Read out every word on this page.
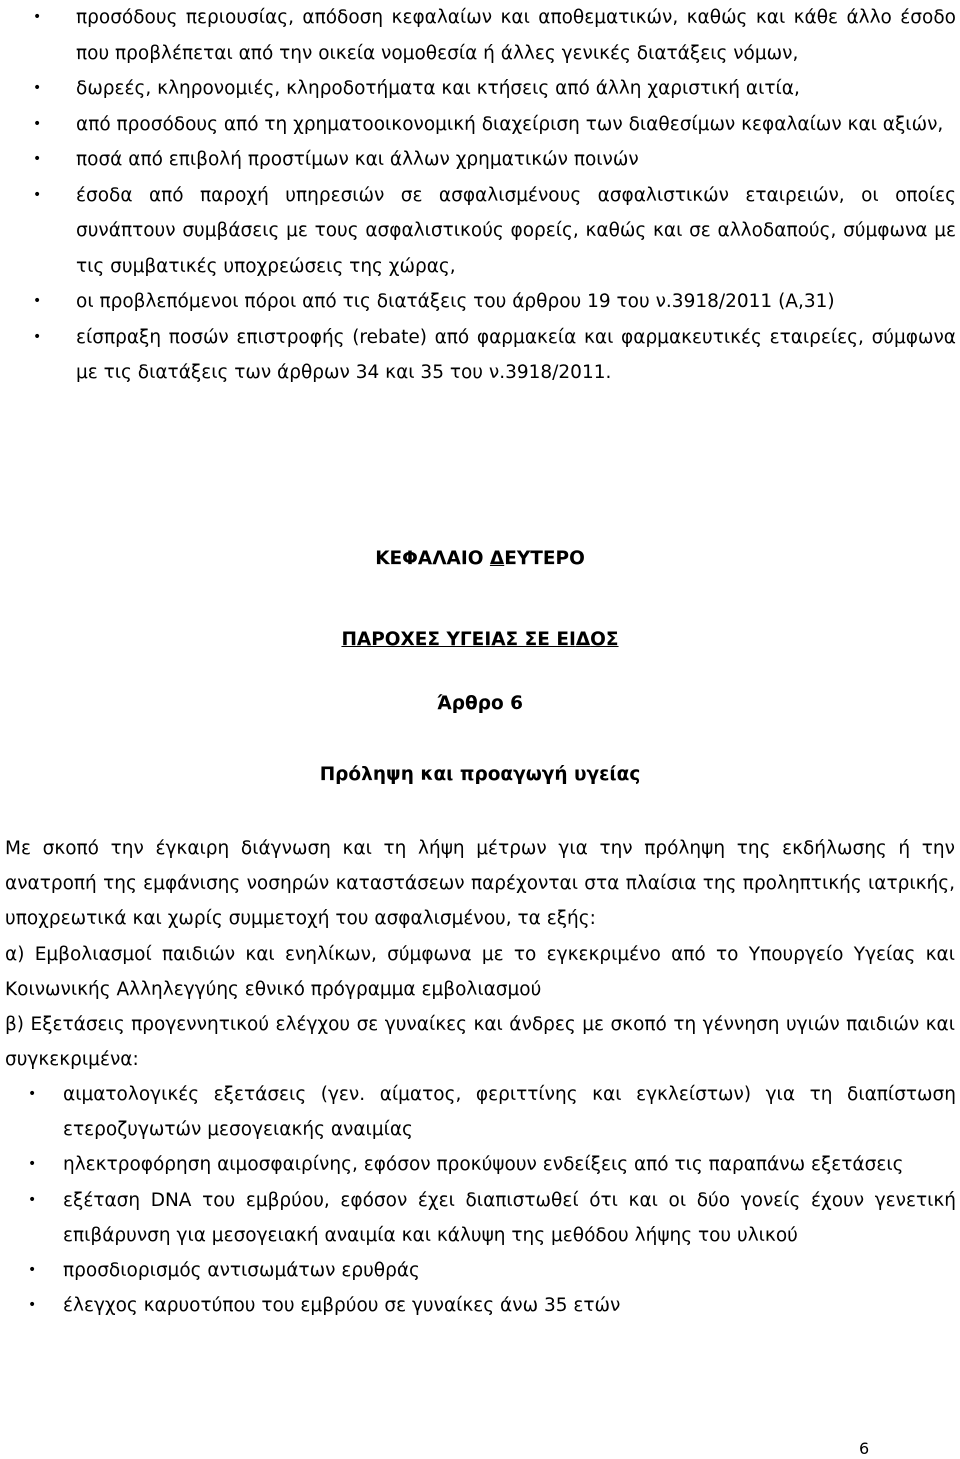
• προσόδους περιουσίας, απόδοση κεφαλαίων και αποθεματικών, καθώς και κάθε άλλο έσοδο που προβλέπεται από την οικεία νομοθεσία ή άλλες γενικές διατάξεις νόμων,
• δωρεές, κληρονομιές, κληροδοτήματα και κτήσεις από άλλη χαριστική αιτία,
• από προσόδους από τη χρηματοοικονομική διαχείριση των διαθεσίμων κεφαλαίων και αξιών,
• ποσά από επιβολή προστίμων και άλλων χρηματικών ποινών
• έσοδα από παροχή υπηρεσιών σε ασφαλισμένους ασφαλιστικών εταιρειών, οι οποίες συνάπτουν συμβάσεις με τους ασφαλιστικούς φορείς, καθώς και σε αλλοδαπούς, σύμφωνα με τις συμβατικές υποχρεώσεις της χώρας,
• οι προβλεπόμενοι πόροι από τις διατάξεις του άρθρου 19 του ν.3918/2011 (Α,31)
• είσπραξη ποσών επιστροφής (rebate) από φαρμακεία και φαρμακευτικές εταιρείες, σύμφωνα με τις διατάξεις των άρθρων 34 και 35 του ν.3918/2011.
ΚΕΦΑΛΑΙΟ ΔΕΥΤΕΡΟ
ΠΑΡΟΧΕΣ ΥΓΕΙΑΣ ΣΕ ΕΙΔΟΣ
Άρθρο 6
Πρόληψη και προαγωγή υγείας

Με σκοπό την έγκαιρη διάγνωση και τη λήψη μέτρων για την πρόληψη της εκδήλωσης ή την ανατροπή της εμφάνισης νοσηρών καταστάσεων παρέχονται στα πλαίσια της προληπτικής ιατρικής, υποχρεωτικά και χωρίς συμμετοχή του ασφαλισμένου, τα εξής:

α) Εμβολιασμοί παιδιών και ενηλίκων, σύμφωνα με το εγκεκριμένο από το Υπουργείο Υγείας και Κοινωνικής Αλληλεγγύης εθνικό πρόγραμμα εμβολιασμού

β) Εξετάσεις προγεννητικού ελέγχου σε γυναίκες και άνδρες με σκοπό τη γέννηση υγιών παιδιών και συγκεκριμένα:

• αιματολογικές εξετάσεις (γεν. αίματος, φεριττίνης και εγκλείστων) για τη διαπίστωση ετεροζυγωτών μεσογειακής αναιμίας
• ηλεκτροφόρηση αιμοσφαιρίνης, εφόσον προκύψουν ενδείξεις από τις παραπάνω εξετάσεις
• εξέταση DNA του εμβρύου, εφόσον έχει διαπιστωθεί ότι και οι δύο γονείς έχουν γενετική επιβάρυνση για μεσογειακή αναιμία και κάλυψη της μεθόδου λήψης του υλικού
• προσδιορισμός αντισωμάτων ερυθράς
• έλεγχος καρυοτύπου του εμβρύου σε γυναίκες άνω 35 ετών
6
